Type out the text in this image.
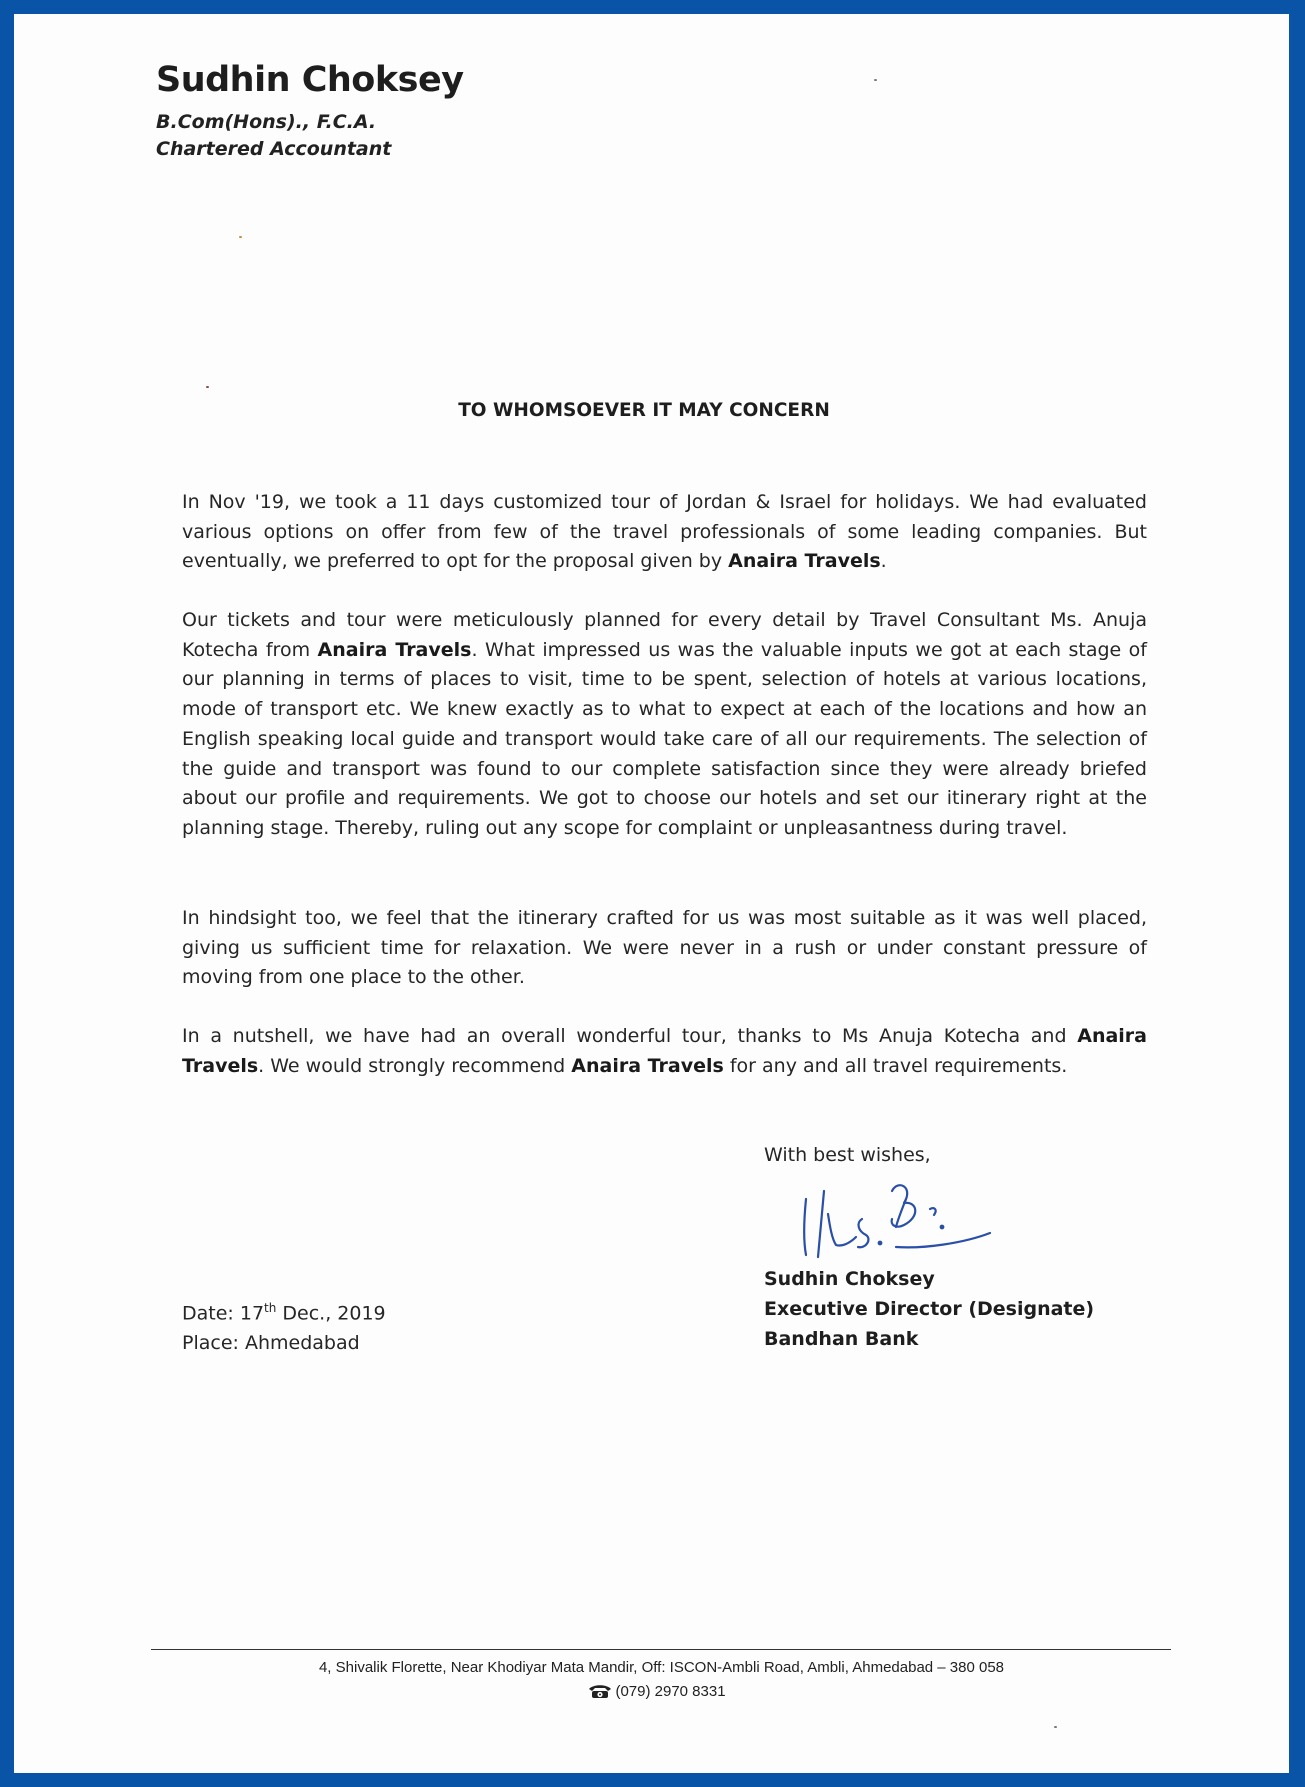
Sudhin Choksey
B.Com(Hons)., F.C.A.
Chartered Accountant
TO WHOMSOEVER IT MAY CONCERN

In Nov '19, we took a 11 days customized tour of Jordan & Israel for holidays. We had evaluated various options on offer from few of the travel professionals of some leading companies. But eventually, we preferred to opt for the proposal given by Anaira Travels.

Our tickets and tour were meticulously planned for every detail by Travel Consultant Ms. Anuja Kotecha from Anaira Travels. What impressed us was the valuable inputs we got at each stage of our planning in terms of places to visit, time to be spent, selection of hotels at various locations, mode of transport etc. We knew exactly as to what to expect at each of the locations and how an English speaking local guide and transport would take care of all our requirements. The selection of the guide and transport was found to our complete satisfaction since they were already briefed about our profile and requirements. We got to choose our hotels and set our itinerary right at the planning stage. Thereby, ruling out any scope for complaint or unpleasantness during travel.

In hindsight too, we feel that the itinerary crafted for us was most suitable as it was well placed, giving us sufficient time for relaxation. We were never in a rush or under constant pressure of moving from one place to the other.

In a nutshell, we have had an overall wonderful tour, thanks to Ms Anuja Kotecha and Anaira Travels. We would strongly recommend Anaira Travels for any and all travel requirements.

With best wishes,
Sudhin Choksey
Executive Director (Designate)
Bandhan Bank
Date: 17th Dec., 2019
Place: Ahmedabad
4, Shivalik Florette, Near Khodiyar Mata Mandir, Off: ISCON-Ambli Road, Ambli, Ahmedabad – 380 058
(079) 2970 8331
